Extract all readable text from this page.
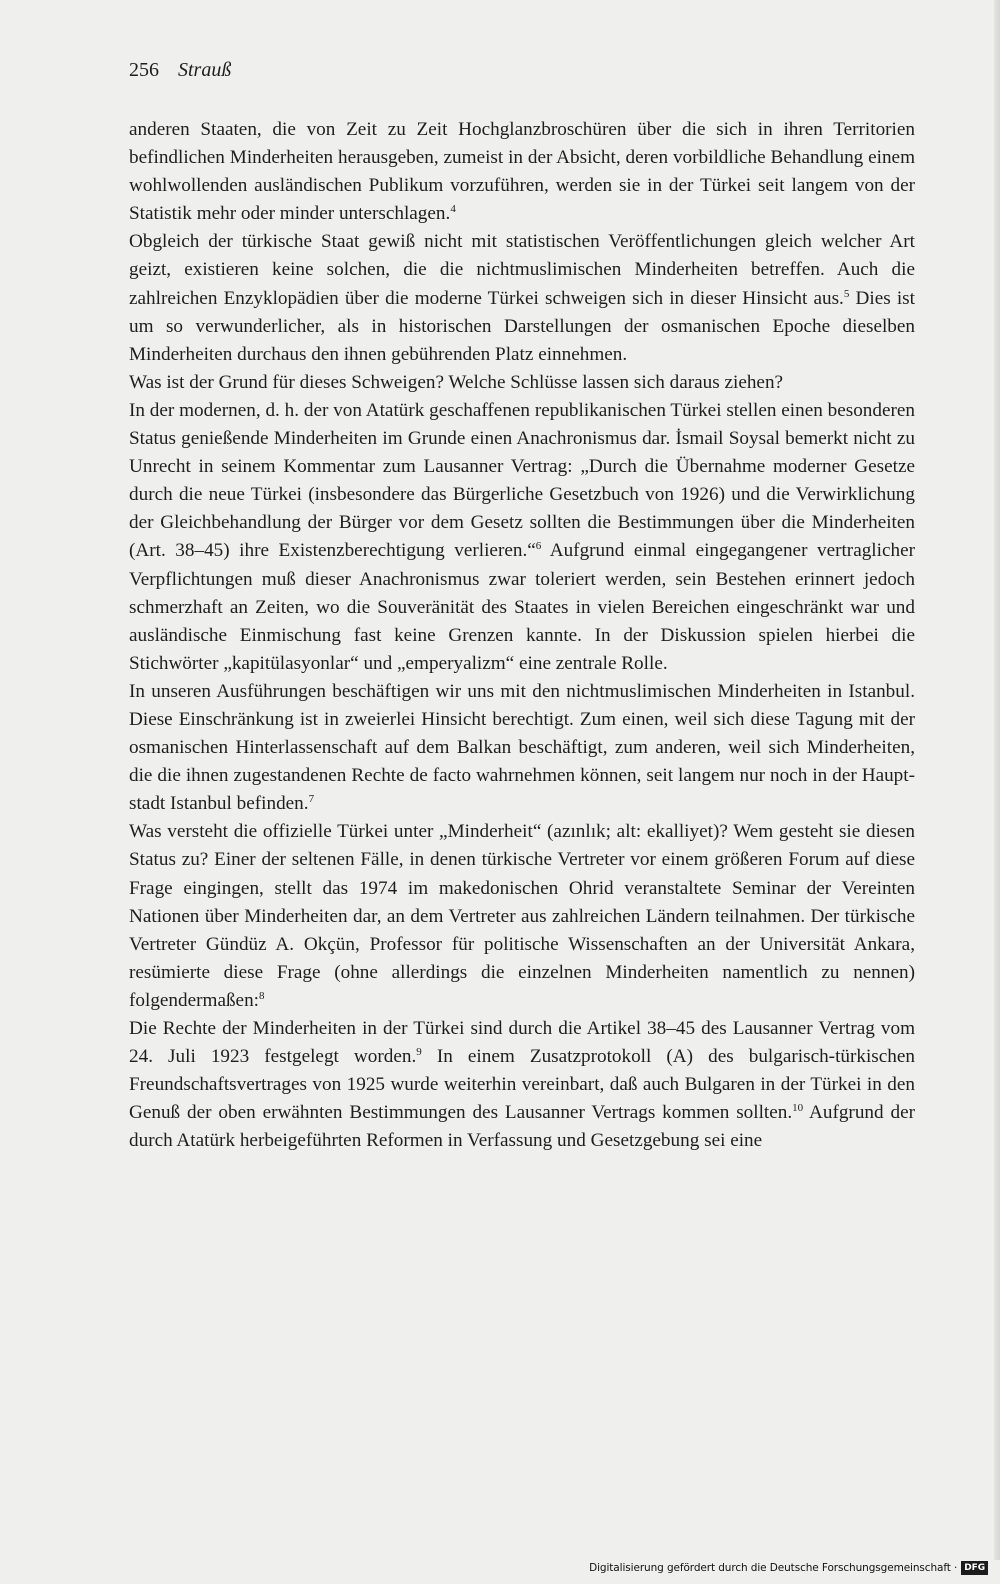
256 Strauß

anderen Staaten, die von Zeit zu Zeit Hochglanzbroschüren über die sich in ihren Territorien befindlichen Minderheiten herausgeben, zumeist in der Absicht, deren vorbildliche Behandlung einem wohlwollenden ausländischen Publikum vorzuführen, werden sie in der Türkei seit langem von der Statistik mehr oder minder unterschlagen.$^4$

Obgleich der türkische Staat gewiß nicht mit statistischen Veröffentlichungen gleich welcher Art geizt, existieren keine solchen, die die nichtmuslimischen Minderheiten betreffen. Auch die zahlreichen Enzyklopädien über die moderne Türkei schweigen sich in dieser Hinsicht aus.$^5$ Dies ist um so verwunderlicher, als in historischen Darstellungen der osmanischen Epoche dieselben Minderheiten durchaus den ihnen gebührenden Platz einnehmen.

Was ist der Grund für dieses Schweigen? Welche Schlüsse lassen sich daraus ziehen?

In der modernen, d. h. der von Atatürk geschaffenen republikanischen Türkei stellen einen besonderen Status genießende Minderheiten im Grunde einen Anachronismus dar. İsmail Soysal bemerkt nicht zu Unrecht in seinem Kommentar zum Lausanner Vertrag: „Durch die Übernahme moderner Gesetze durch die neue Türkei (insbesondere das Bürgerliche Gesetzbuch von 1926) und die Verwirklichung der Gleichbehandlung der Bürger vor dem Gesetz sollten die Bestimmungen über die Minderheiten (Art. 38–45) ihre Existenzberechtigung verlieren.“$^6$ Aufgrund einmal eingegangener vertraglicher Verpflichtungen muß dieser Anachronismus zwar toleriert werden, sein Bestehen erinnert jedoch schmerzhaft an Zeiten, wo die Souveränität des Staates in vielen Bereichen eingeschränkt war und ausländische Einmischung fast keine Grenzen kannte. In der Diskussion spielen hierbei die Stichwörter „kapitülasyonlar“ und „emperyalizm“ eine zentrale Rolle.

In unseren Ausführungen beschäftigen wir uns mit den nichtmuslimischen Minderheiten in Istanbul. Diese Einschränkung ist in zweierlei Hinsicht berechtigt. Zum einen, weil sich diese Tagung mit der osmanischen Hinterlassenschaft auf dem Balkan beschäftigt, zum anderen, weil sich Minderheiten, die die ihnen zugestandenen Rechte de facto wahrnehmen können, seit langem nur noch in der Hauptstadt Istanbul befinden.$^7$

Was versteht die offizielle Türkei unter „Minderheit“ (azınlık; alt: ekalliyet)? Wem gesteht sie diesen Status zu? Einer der seltenen Fälle, in denen türkische Vertreter vor einem größeren Forum auf diese Frage eingingen, stellt das 1974 im makedonischen Ohrid veranstaltete Seminar der Vereinten Nationen über Minderheiten dar, an dem Vertreter aus zahlreichen Ländern teilnahmen. Der türkische Vertreter Gündüz A. Okçün, Professor für politische Wissenschaften an der Universität Ankara, resümierte diese Frage (ohne allerdings die einzelnen Minderheiten namentlich zu nennen) folgendermaßen:$^8$

Die Rechte der Minderheiten in der Türkei sind durch die Artikel 38–45 des Lausanner Vertrag vom 24. Juli 1923 festgelegt worden.$^9$ In einem Zusatzprotokoll (A) des bulgarisch-türkischen Freundschaftsvertrages von 1925 wurde weiterhin vereinbart, daß auch Bulgaren in der Türkei in den Genuß der oben erwähnten Bestimmungen des Lausanner Vertrags kommen sollten.$^{10}$ Aufgrund der durch Atatürk herbeigeführten Reformen in Verfassung und Gesetzgebung sei eine

Digitalisierung gefördert durch die Deutsche Forschungsgemeinschaft · DFG
